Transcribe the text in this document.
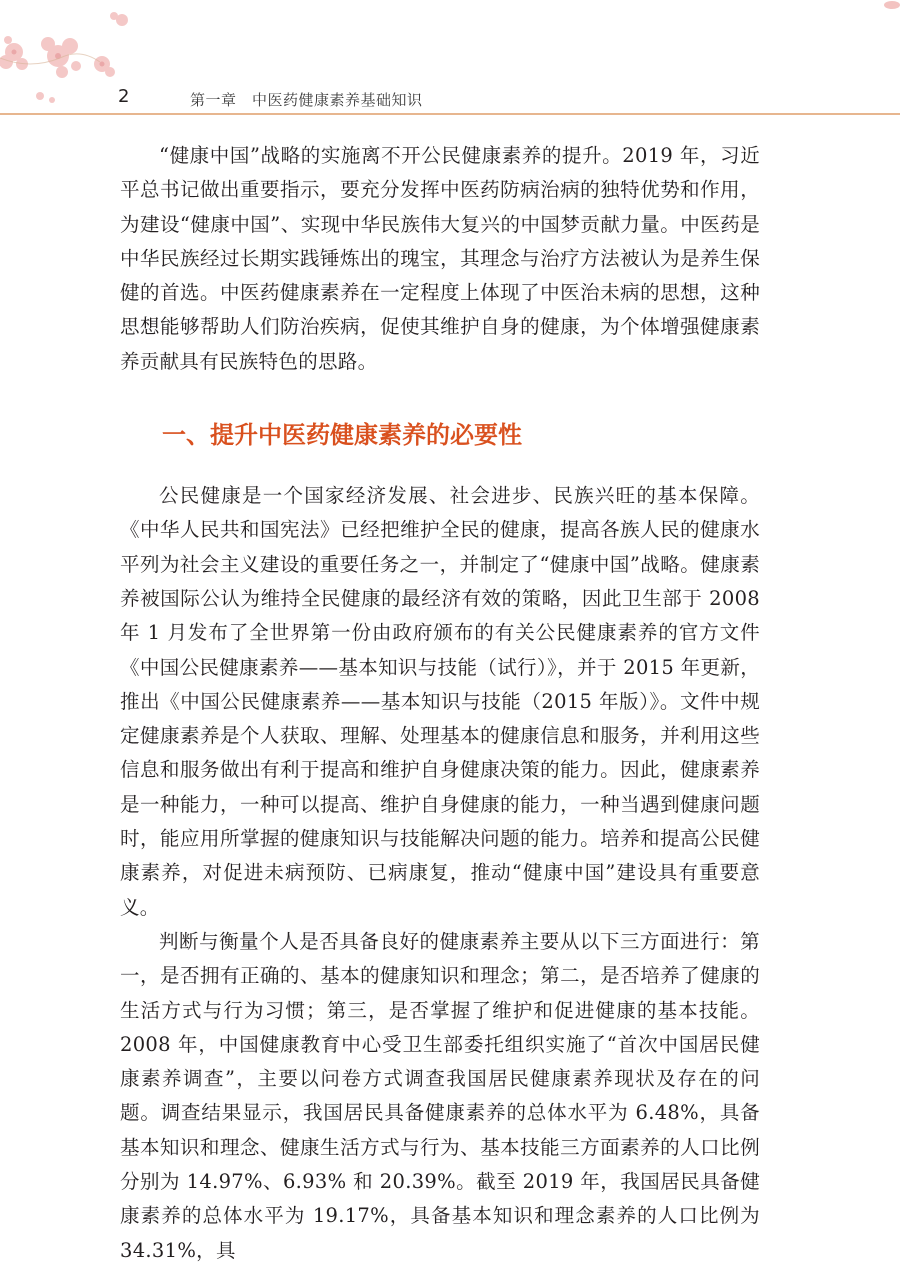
2	第一章　中医药健康素养基础知识

“健康中国”战略的实施离不开公民健康素养的提升。2019 年，习近平总书记做出重要指示，要充分发挥中医药防病治病的独特优势和作用，为建设“健康中国”、实现中华民族伟大复兴的中国梦贡献力量。中医药是中华民族经过长期实践锤炼出的瑰宝，其理念与治疗方法被认为是养生保健的首选。中医药健康素养在一定程度上体现了中医治未病的思想，这种思想能够帮助人们防治疾病，促使其维护自身的健康，为个体增强健康素养贡献具有民族特色的思路。

一、提升中医药健康素养的必要性

公民健康是一个国家经济发展、社会进步、民族兴旺的基本保障。《中华人民共和国宪法》已经把维护全民的健康，提高各族人民的健康水平列为社会主义建设的重要任务之一，并制定了“健康中国”战略。健康素养被国际公认为维持全民健康的最经济有效的策略，因此卫生部于 2008 年 1 月发布了全世界第一份由政府颁布的有关公民健康素养的官方文件《中国公民健康素养——基本知识与技能（试行）》，并于 2015 年更新，推出《中国公民健康素养——基本知识与技能（2015 年版）》。文件中规定健康素养是个人获取、理解、处理基本的健康信息和服务，并利用这些信息和服务做出有利于提高和维护自身健康决策的能力。因此，健康素养是一种能力，一种可以提高、维护自身健康的能力，一种当遇到健康问题时，能应用所掌握的健康知识与技能解决问题的能力。培养和提高公民健康素养，对促进未病预防、已病康复，推动“健康中国”建设具有重要意义。

判断与衡量个人是否具备良好的健康素养主要从以下三方面进行：第一，是否拥有正确的、基本的健康知识和理念；第二，是否培养了健康的生活方式与行为习惯；第三，是否掌握了维护和促进健康的基本技能。2008 年，中国健康教育中心受卫生部委托组织实施了“首次中国居民健康素养调查”，主要以问卷方式调查我国居民健康素养现状及存在的问题。调查结果显示，我国居民具备健康素养的总体水平为 6.48%，具备基本知识和理念、健康生活方式与行为、基本技能三方面素养的人口比例分别为 14.97%、6.93% 和 20.39%。截至 2019 年，我国居民具备健康素养的总体水平为 19.17%，具备基本知识和理念素养的人口比例为 34.31%，具
